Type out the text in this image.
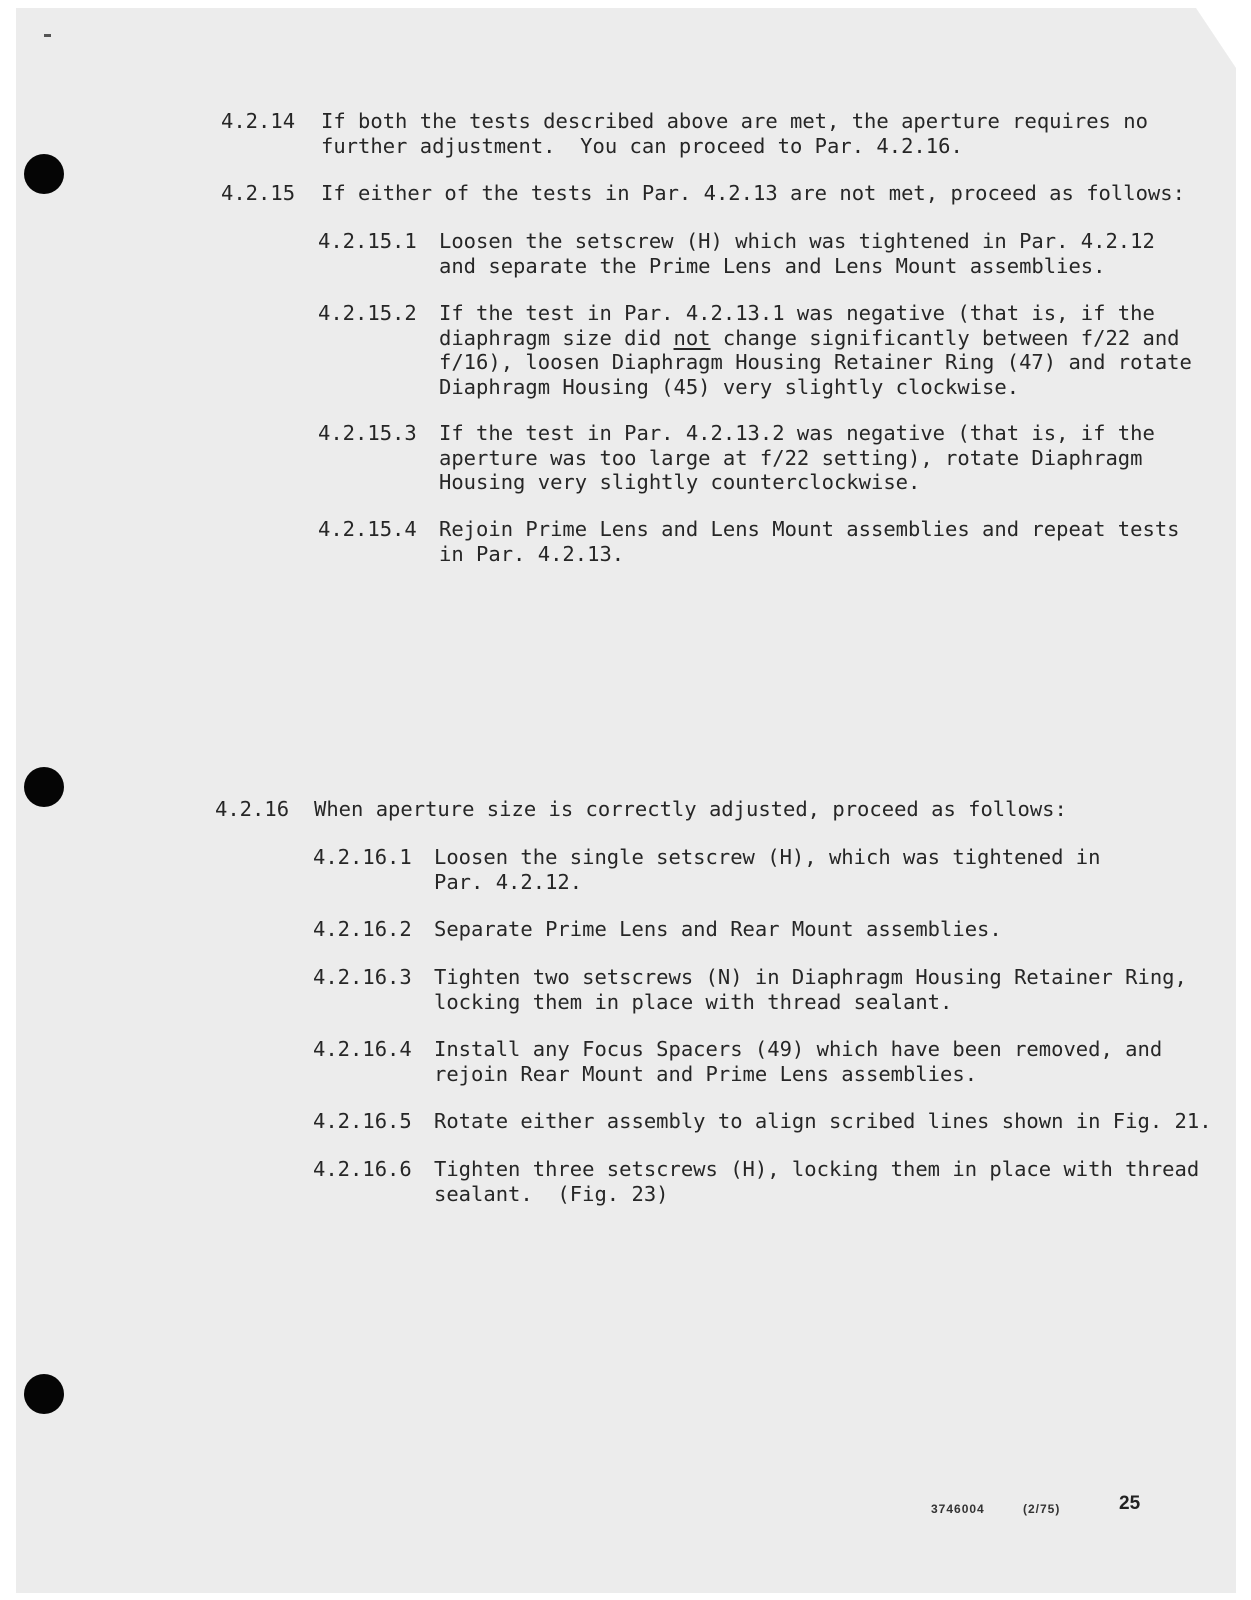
4.2.14

If both the tests described above are met, the aperture requires no
further adjustment.  You can proceed to Par. 4.2.16.

4.2.15

If either of the tests in Par. 4.2.13 are not met, proceed as follows:

4.2.15.1

Loosen the setscrew (H) which was tightened in Par. 4.2.12
and separate the Prime Lens and Lens Mount assemblies.

4.2.15.2

If the test in Par. 4.2.13.1 was negative (that is, if the
diaphragm size did not change significantly between f/22 and
f/16), loosen Diaphragm Housing Retainer Ring (47) and rotate
Diaphragm Housing (45) very slightly clockwise.

4.2.15.3

If the test in Par. 4.2.13.2 was negative (that is, if the
aperture was too large at f/22 setting), rotate Diaphragm
Housing very slightly counterclockwise.

4.2.15.4

Rejoin Prime Lens and Lens Mount assemblies and repeat tests
in Par. 4.2.13.

4.2.16

When aperture size is correctly adjusted, proceed as follows:

4.2.16.1

Loosen the single setscrew (H), which was tightened in
Par. 4.2.12.

4.2.16.2

Separate Prime Lens and Rear Mount assemblies.

4.2.16.3

Tighten two setscrews (N) in Diaphragm Housing Retainer Ring,
locking them in place with thread sealant.

4.2.16.4

Install any Focus Spacers (49) which have been removed, and
rejoin Rear Mount and Prime Lens assemblies.

4.2.16.5

Rotate either assembly to align scribed lines shown in Fig. 21.

4.2.16.6

Tighten three setscrews (H), locking them in place with thread
sealant.  (Fig. 23)

3746004	(2/75)	25
